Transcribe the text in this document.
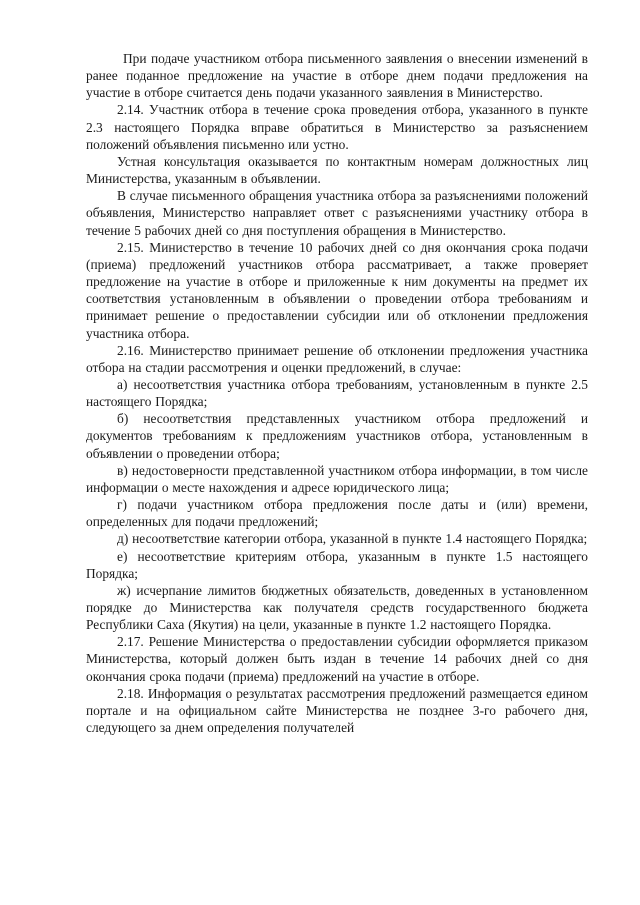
При подаче участником отбора письменного заявления о внесении изменений в ранее поданное предложение на участие в отборе днем подачи предложения на участие в отборе считается день подачи указанного заявления в Министерство.

2.14. Участник отбора в течение срока проведения отбора, указанного в пункте 2.3 настоящего Порядка вправе обратиться в Министерство за разъяснением положений объявления письменно или устно.

Устная консультация оказывается по контактным номерам должностных лиц Министерства, указанным в объявлении.

В случае письменного обращения участника отбора за разъяснениями положений объявления, Министерство направляет ответ с разъяснениями участнику отбора в течение 5 рабочих дней со дня поступления обращения в Министерство.

2.15. Министерство в течение 10 рабочих дней со дня окончания срока подачи (приема) предложений участников отбора рассматривает, а также проверяет предложение на участие в отборе и приложенные к ним документы на предмет их соответствия установленным в объявлении о проведении отбора требованиям и принимает решение о предоставлении субсидии или об отклонении предложения участника отбора.

2.16. Министерство принимает решение об отклонении предложения участника отбора на стадии рассмотрения и оценки предложений, в случае:

а) несоответствия участника отбора требованиям, установленным в пункте 2.5 настоящего Порядка;

б) несоответствия представленных участником отбора предложений и документов требованиям к предложениям участников отбора, установленным в объявлении о проведении отбора;

в) недостоверности представленной участником отбора информации, в том числе информации о месте нахождения и адресе юридического лица;

г) подачи участником отбора предложения после даты и (или) времени, определенных для подачи предложений;

д) несоответствие категории отбора, указанной в пункте 1.4 настоящего Порядка;

е) несоответствие критериям отбора, указанным в пункте 1.5 настоящего Порядка;

ж) исчерпание лимитов бюджетных обязательств, доведенных в установленном порядке до Министерства как получателя средств государственного бюджета Республики Саха (Якутия) на цели, указанные в пункте 1.2 настоящего Порядка.

2.17. Решение Министерства о предоставлении субсидии оформляется приказом Министерства, который должен быть издан в течение 14 рабочих дней со дня окончания срока подачи (приема) предложений на участие в отборе.

2.18. Информация о результатах рассмотрения предложений размещается едином портале и на официальном сайте Министерства не позднее 3-го рабочего дня, следующего за днем определения получателей
